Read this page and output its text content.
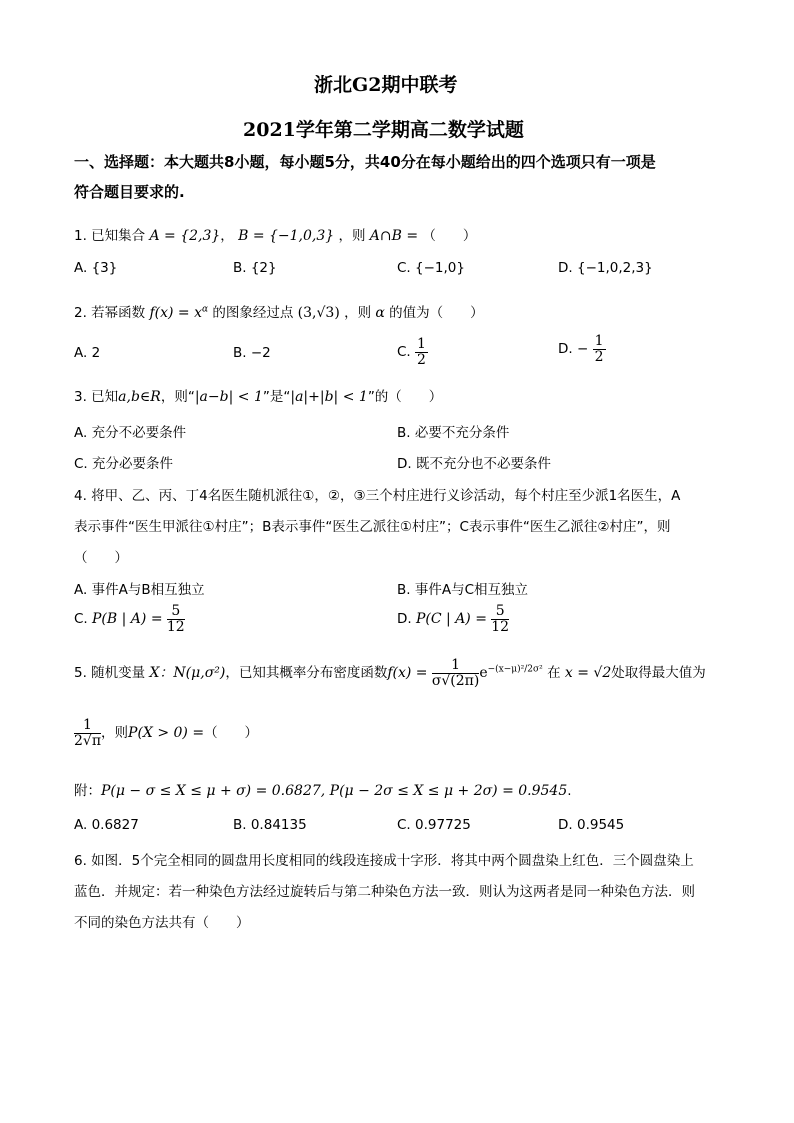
浙北G2期中联考
2021学年第二学期高二数学试题
一、选择题：本大题共8小题，每小题5分，共40分在每小题给出的四个选项只有一项是
符合题目要求的.
1. 已知集合 A = {2,3}， B = {−1,0,3} ，则 A∩B = （　　）
A. {3}	B. {2}	C. {−1,0}	D. {−1,0,2,3}
2. 若幂函数 $f(x) = x^\alpha$ 的图象经过点 (3,√3) ，则 α 的值为（　　）
A. 2	B. −2	C. $\frac{1}{2}$	D. − $\frac{1}{2}$
3. 已知a,b∈R，则“|a−b| < 1”是“|a|+|b| < 1”的（　　）
A. 充分不必要条件	B. 必要不充分条件
C. 充分必要条件	D. 既不充分也不必要条件
4. 将甲、乙、丙、丁4名医生随机派往①，②，③三个村庄进行义诊活动，每个村庄至少派1名医生，A
表示事件“医生甲派往①村庄”；B表示事件“医生乙派往①村庄”；C表示事件“医生乙派往②村庄”，则
（　　）
A. 事件A与B相互独立	B. 事件A与C相互独立
C. P(B | $A) = \frac{5}{12}$	D. P(C | $A) = \frac{5}{12}$
5. 随机变量 X：N(μ,σ²)，已知其概率分布密度函数$f(x) = \frac{1}{\sigma√(2\pi)} e^{-(x-\mu)^2/2\sigma^2}$ 在 x = √2处取得最大值为
$\frac{1}{2√\pi}$ ，则P(X > 0) =（　　）
附：P(μ − σ ≤ X ≤ μ + σ) = 0.6827, P(μ − 2σ ≤ X ≤ μ + 2σ) = 0.9545.
A. 0.6827	B. 0.84135	C. 0.97725	D. 0.9545
6. 如图．5个完全相同的圆盘用长度相同的线段连接成十字形．将其中两个圆盘染上红色．三个圆盘染上
蓝色．并规定：若一种染色方法经过旋转后与第二种染色方法一致．则认为这两者是同一种染色方法．则
不同的染色方法共有（　　）
